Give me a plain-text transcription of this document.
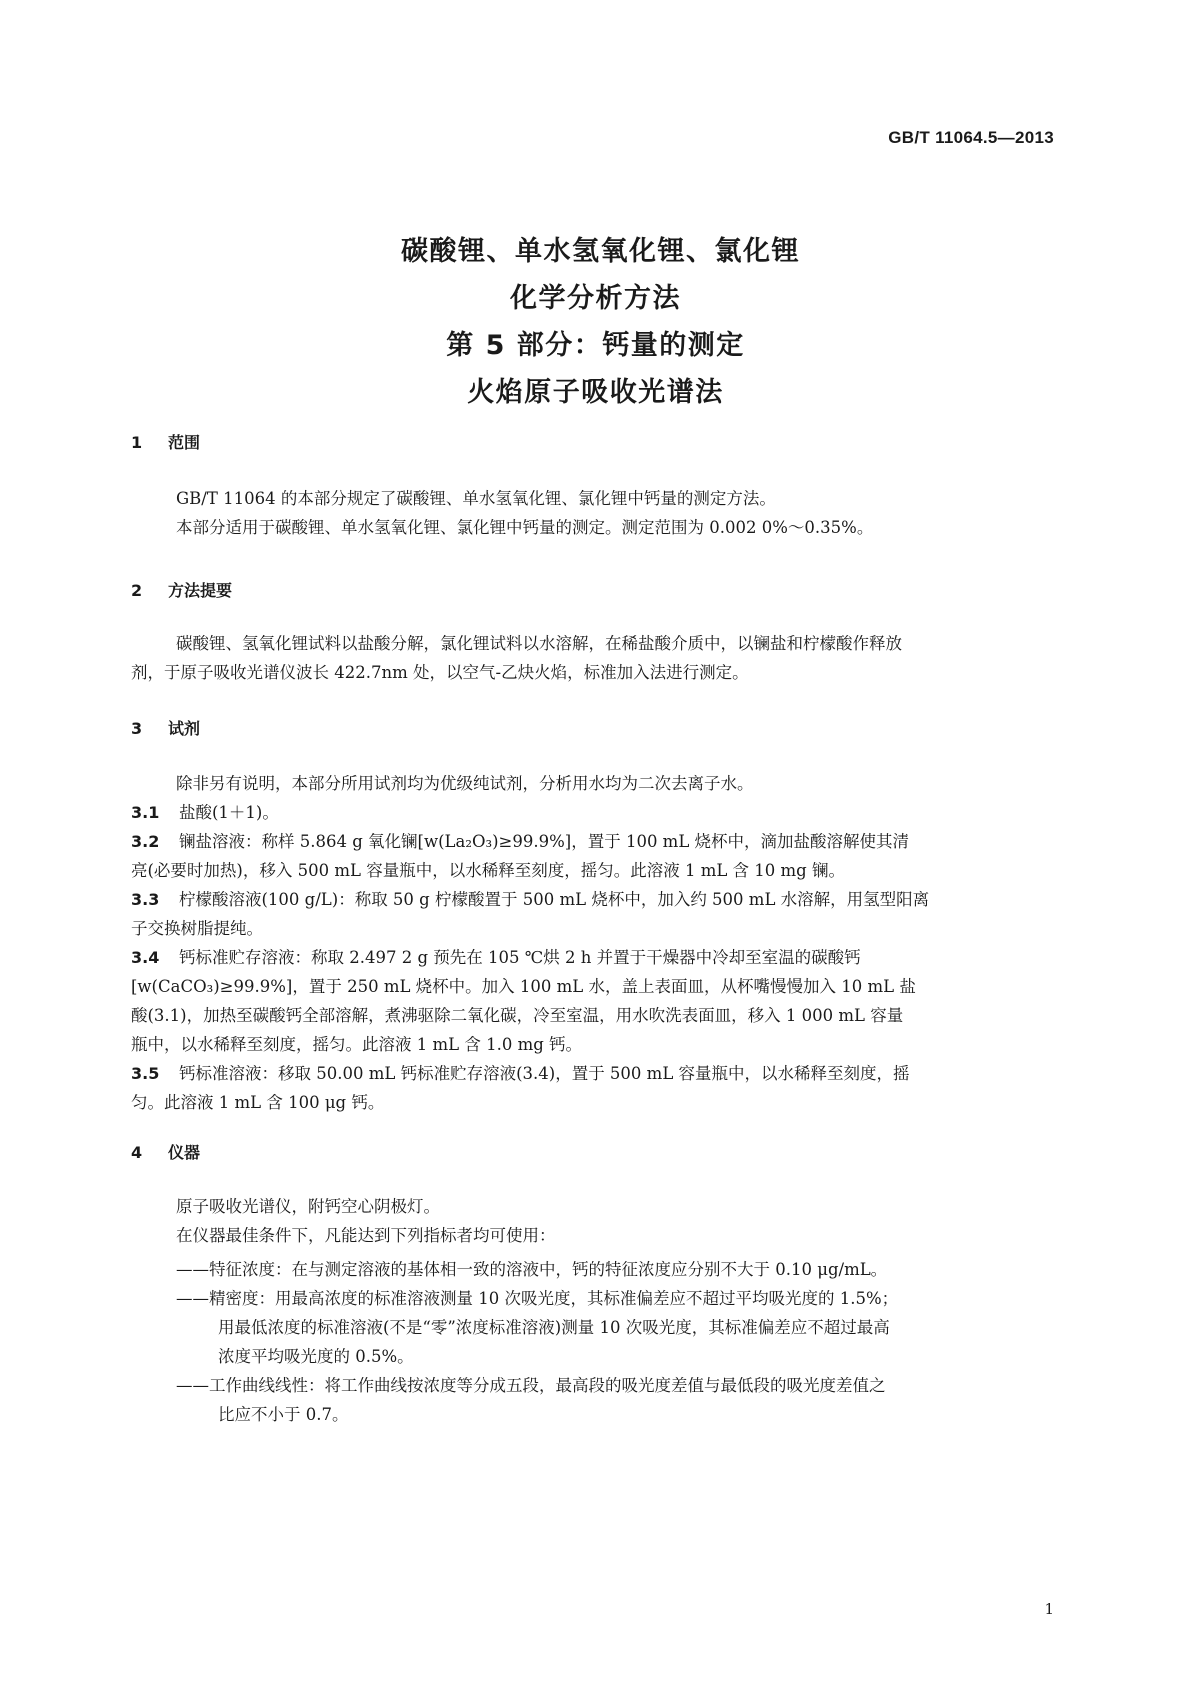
GB/T 11064.5—2013
碳酸锂、单水氢氧化锂、氯化锂
化学分析方法
第 5 部分：钙量的测定
火焰原子吸收光谱法
1 范围
GB/T 11064 的本部分规定了碳酸锂、单水氢氧化锂、氯化锂中钙量的测定方法。
本部分适用于碳酸锂、单水氢氧化锂、氯化锂中钙量的测定。测定范围为 0.002 0%～0.35%。
2 方法提要
碳酸锂、氢氧化锂试料以盐酸分解，氯化锂试料以水溶解，在稀盐酸介质中，以镧盐和柠檬酸作释放
剂，于原子吸收光谱仪波长 422.7nm 处，以空气-乙炔火焰，标准加入法进行测定。
3 试剂
除非另有说明，本部分所用试剂均为优级纯试剂，分析用水均为二次去离子水。
3.1 盐酸(1＋1)。
3.2 镧盐溶液：称样 5.864 g 氧化镧[w(La₂O₃)≥99.9%]，置于 100 mL 烧杯中，滴加盐酸溶解使其清
亮(必要时加热)，移入 500 mL 容量瓶中，以水稀释至刻度，摇匀。此溶液 1 mL 含 10 mg 镧。
3.3 柠檬酸溶液(100 g/L)：称取 50 g 柠檬酸置于 500 mL 烧杯中，加入约 500 mL 水溶解，用氢型阳离
子交换树脂提纯。
3.4 钙标准贮存溶液：称取 2.497 2 g 预先在 105 ℃烘 2 h 并置于干燥器中冷却至室温的碳酸钙
[w(CaCO₃)≥99.9%]，置于 250 mL 烧杯中。加入 100 mL 水，盖上表面皿，从杯嘴慢慢加入 10 mL 盐
酸(3.1)，加热至碳酸钙全部溶解，煮沸驱除二氧化碳，冷至室温，用水吹洗表面皿，移入 1 000 mL 容量
瓶中，以水稀释至刻度，摇匀。此溶液 1 mL 含 1.0 mg 钙。
3.5 钙标准溶液：移取 50.00 mL 钙标准贮存溶液(3.4)，置于 500 mL 容量瓶中，以水稀释至刻度，摇
匀。此溶液 1 mL 含 100 μg 钙。
4 仪器
原子吸收光谱仪，附钙空心阴极灯。
在仪器最佳条件下，凡能达到下列指标者均可使用：
——特征浓度：在与测定溶液的基体相一致的溶液中，钙的特征浓度应分别不大于 0.10 μg/mL。
——精密度：用最高浓度的标准溶液测量 10 次吸光度，其标准偏差应不超过平均吸光度的 1.5%；
用最低浓度的标准溶液(不是“零”浓度标准溶液)测量 10 次吸光度，其标准偏差应不超过最高
浓度平均吸光度的 0.5%。
——工作曲线线性：将工作曲线按浓度等分成五段，最高段的吸光度差值与最低段的吸光度差值之
比应不小于 0.7。
1
